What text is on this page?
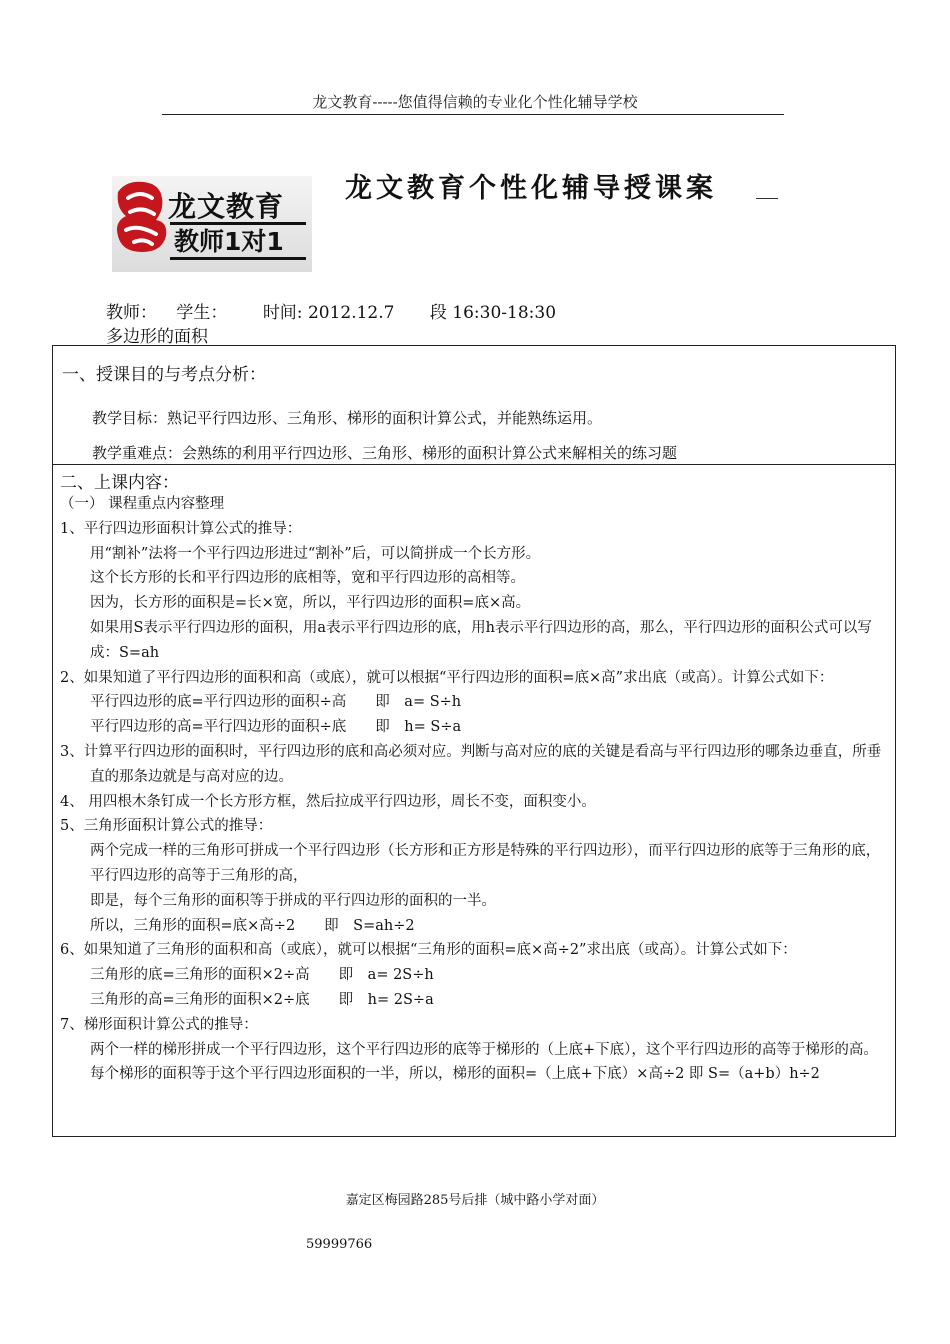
龙文教育-----您值得信赖的专业化个性化辅导学校
龙文教育
教师1对1
龙文教育个性化辅导授课案
教师： 学生： 时间: 2012.12.7 段 16:30-18:30
多边形的面积
一、授课目的与考点分析：
教学目标：熟记平行四边形、三角形、梯形的面积计算公式，并能熟练运用。
教学重难点：会熟练的利用平行四边形、三角形、梯形的面积计算公式来解相关的练习题
二、上课内容：

（一） 课程重点内容整理

1、平行四边形面积计算公式的推导：

用“割补”法将一个平行四边形进过“割补”后，可以简拼成一个长方形。

这个长方形的长和平行四边形的底相等，宽和平行四边形的高相等。

因为，长方形的面积是=长×宽，所以，平行四边形的面积=底×高。

如果用S表示平行四边形的面积，用a表示平行四边形的底，用h表示平行四边形的高，那么，平行四边形的面积公式可以写成：S=ah

2、如果知道了平行四边形的面积和高（或底），就可以根据“平行四边形的面积=底×高”求出底（或高）。计算公式如下：

平行四边形的底=平行四边形的面积÷高　　即　a= S÷h

平行四边形的高=平行四边形的面积÷底　　即　h= S÷a

3、计算平行四边形的面积时，平行四边形的底和高必须对应。判断与高对应的底的关键是看高与平行四边形的哪条边垂直，所垂直的那条边就是与高对应的边。

4、 用四根木条钉成一个长方形方框，然后拉成平行四边形，周长不变，面积变小。

5、三角形面积计算公式的推导：

两个完成一样的三角形可拼成一个平行四边形（长方形和正方形是特殊的平行四边形），而平行四边形的底等于三角形的底，平行四边形的高等于三角形的高，

即是，每个三角形的面积等于拼成的平行四边形的面积的一半。

所以，三角形的面积=底×高÷2　　即　S=ah÷2

6、如果知道了三角形的面积和高（或底），就可以根据“三角形的面积=底×高÷2”求出底（或高）。计算公式如下：

三角形的底=三角形的面积×2÷高　　即　a= 2S÷h

三角形的高=三角形的面积×2÷底　　即　h= 2S÷a

7、梯形面积计算公式的推导：

两个一样的梯形拼成一个平行四边形，这个平行四边形的底等于梯形的（上底+下底），这个平行四边形的高等于梯形的高。每个梯形的面积等于这个平行四边形面积的一半，所以，梯形的面积=（上底+下底）×高÷2 即 S=（a+b）h÷2

嘉定区梅园路285号后排（城中路小学对面）
59999766
